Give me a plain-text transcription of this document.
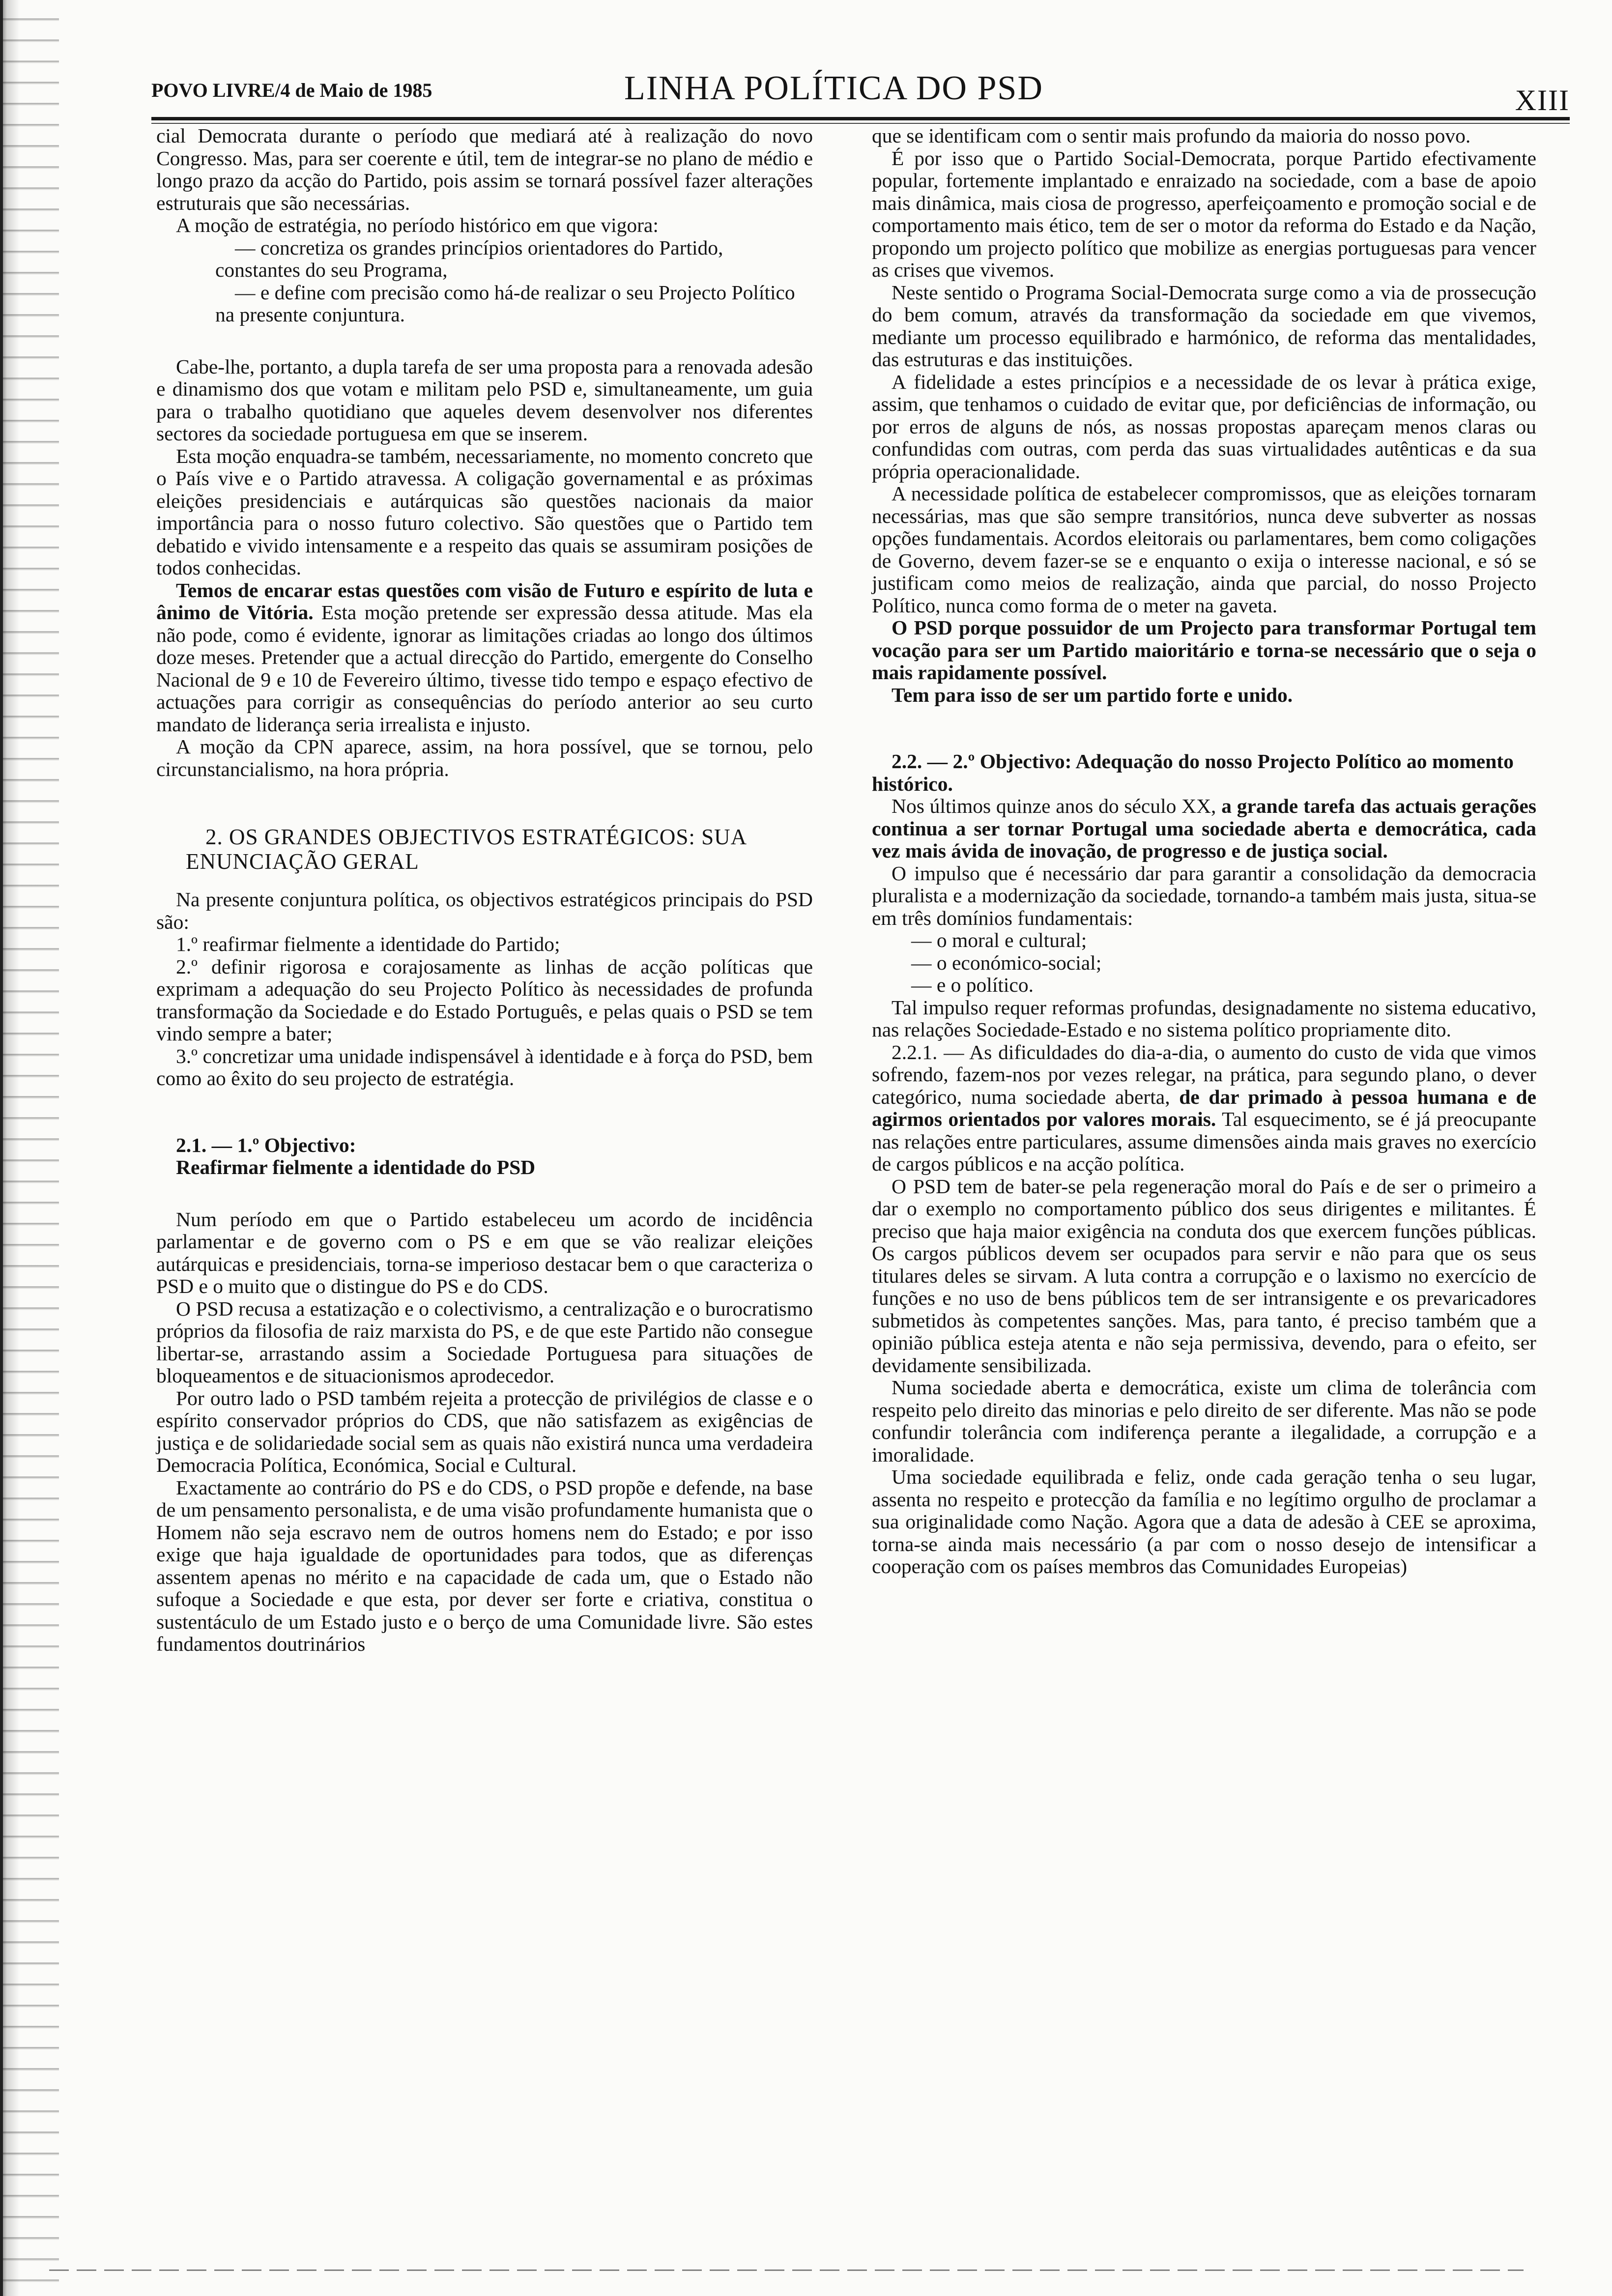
POVO LIVRE/4 de Maio de 1985	LINHA POLÍTICA DO PSD	XIII

cial Democrata durante o período que mediará até à realização do novo Congresso. Mas, para ser coerente e útil, tem de integrar-se no plano de médio e longo prazo da acção do Partido, pois assim se tornará possível fazer alterações estruturais que são necessárias.

A moção de estratégia, no período histórico em que vigora:

— concretiza os grandes princípios orientadores do Partido, constantes do seu Programa,

— e define com precisão como há-de realizar o seu Projecto Político na presente conjuntura.

Cabe-lhe, portanto, a dupla tarefa de ser uma proposta para a renovada adesão e dinamismo dos que votam e militam pelo PSD e, simultaneamente, um guia para o trabalho quotidiano que aqueles devem desenvolver nos diferentes sectores da sociedade portuguesa em que se inserem.

Esta moção enquadra-se também, necessariamente, no momento concreto que o País vive e o Partido atravessa. A coligação governamental e as próximas eleições presidenciais e autárquicas são questões nacionais da maior importância para o nosso futuro colectivo. São questões que o Partido tem debatido e vivido intensamente e a respeito das quais se assumiram posições de todos conhecidas.

Temos de encarar estas questões com visão de Futuro e espírito de luta e ânimo de Vitória. Esta moção pretende ser expressão dessa atitude. Mas ela não pode, como é evidente, ignorar as limitações criadas ao longo dos últimos doze meses. Pretender que a actual direcção do Partido, emergente do Conselho Nacional de 9 e 10 de Fevereiro último, tivesse tido tempo e espaço efectivo de actuações para corrigir as consequências do período anterior ao seu curto mandato de liderança seria irrealista e injusto.

A moção da CPN aparece, assim, na hora possível, que se tornou, pelo circunstancialismo, na hora própria.

2. OS GRANDES OBJECTIVOS ESTRATÉGICOS: SUA ENUNCIAÇÃO GERAL

Na presente conjuntura política, os objectivos estratégicos principais do PSD são:

1.º reafirmar fielmente a identidade do Partido;

2.º definir rigorosa e corajosamente as linhas de acção políticas que exprimam a adequação do seu Projecto Político às necessidades de profunda transformação da Sociedade e do Estado Português, e pelas quais o PSD se tem vindo sempre a bater;

3.º concretizar uma unidade indispensável à identidade e à força do PSD, bem como ao êxito do seu projecto de estratégia.

2.1. — 1.º Objectivo:

Reafirmar fielmente a identidade do PSD

Num período em que o Partido estabeleceu um acordo de incidência parlamentar e de governo com o PS e em que se vão realizar eleições autárquicas e presidenciais, torna-se imperioso destacar bem o que caracteriza o PSD e o muito que o distingue do PS e do CDS.

O PSD recusa a estatização e o colectivismo, a centralização e o burocratismo próprios da filosofia de raiz marxista do PS, e de que este Partido não consegue libertar-se, arrastando assim a Sociedade Portuguesa para situações de bloqueamentos e de situacionismos aprodecedor.

Por outro lado o PSD também rejeita a protecção de privilégios de classe e o espírito conservador próprios do CDS, que não satisfazem as exigências de justiça e de solidariedade social sem as quais não existirá nunca uma verdadeira Democracia Política, Económica, Social e Cultural.

Exactamente ao contrário do PS e do CDS, o PSD propõe e defende, na base de um pensamento personalista, e de uma visão profundamente humanista que o Homem não seja escravo nem de outros homens nem do Estado; e por isso exige que haja igualdade de oportunidades para todos, que as diferenças assentem apenas no mérito e na capacidade de cada um, que o Estado não sufoque a Sociedade e que esta, por dever ser forte e criativa, constitua o sustentáculo de um Estado justo e o berço de uma Comunidade livre. São estes fundamentos doutrinários

que se identificam com o sentir mais profundo da maioria do nosso povo.

É por isso que o Partido Social-Democrata, porque Partido efectivamente popular, fortemente implantado e enraizado na sociedade, com a base de apoio mais dinâmica, mais ciosa de progresso, aperfeiçoamento e promoção social e de comportamento mais ético, tem de ser o motor da reforma do Estado e da Nação, propondo um projecto político que mobilize as energias portuguesas para vencer as crises que vivemos.

Neste sentido o Programa Social-Democrata surge como a via de prossecução do bem comum, através da transformação da sociedade em que vivemos, mediante um processo equilibrado e harmónico, de reforma das mentalidades, das estruturas e das instituições.

A fidelidade a estes princípios e a necessidade de os levar à prática exige, assim, que tenhamos o cuidado de evitar que, por deficiências de informação, ou por erros de alguns de nós, as nossas propostas apareçam menos claras ou confundidas com outras, com perda das suas virtualidades autênticas e da sua própria operacionalidade.

A necessidade política de estabelecer compromissos, que as eleições tornaram necessárias, mas que são sempre transitórios, nunca deve subverter as nossas opções fundamentais. Acordos eleitorais ou parlamentares, bem como coligações de Governo, devem fazer-se se e enquanto o exija o interesse nacional, e só se justificam como meios de realização, ainda que parcial, do nosso Projecto Político, nunca como forma de o meter na gaveta.

O PSD porque possuidor de um Projecto para transformar Portugal tem vocação para ser um Partido maioritário e torna-se necessário que o seja o mais rapidamente possível.

Tem para isso de ser um partido forte e unido.

2.2. — 2.º Objectivo: Adequação do nosso Projecto Político ao momento histórico.

Nos últimos quinze anos do século XX, a grande tarefa das actuais gerações continua a ser tornar Portugal uma sociedade aberta e democrática, cada vez mais ávida de inovação, de progresso e de justiça social.

O impulso que é necessário dar para garantir a consolidação da democracia pluralista e a modernização da sociedade, tornando-a também mais justa, situa-se em três domínios fundamentais:

— o moral e cultural;

— o económico-social;

— e o político.

Tal impulso requer reformas profundas, designadamente no sistema educativo, nas relações Sociedade-Estado e no sistema político propriamente dito.

2.2.1. — As dificuldades do dia-a-dia, o aumento do custo de vida que vimos sofrendo, fazem-nos por vezes relegar, na prática, para segundo plano, o dever categórico, numa sociedade aberta, de dar primado à pessoa humana e de agirmos orientados por valores morais. Tal esquecimento, se é já preocupante nas relações entre particulares, assume dimensões ainda mais graves no exercício de cargos públicos e na acção política.

O PSD tem de bater-se pela regeneração moral do País e de ser o primeiro a dar o exemplo no comportamento público dos seus dirigentes e militantes. É preciso que haja maior exigência na conduta dos que exercem funções públicas. Os cargos públicos devem ser ocupados para servir e não para que os seus titulares deles se sirvam. A luta contra a corrupção e o laxismo no exercício de funções e no uso de bens públicos tem de ser intransigente e os prevaricadores submetidos às competentes sanções. Mas, para tanto, é preciso também que a opinião pública esteja atenta e não seja permissiva, devendo, para o efeito, ser devidamente sensibilizada.

Numa sociedade aberta e democrática, existe um clima de tolerância com respeito pelo direito das minorias e pelo direito de ser diferente. Mas não se pode confundir tolerância com indiferença perante a ilegalidade, a corrupção e a imoralidade.

Uma sociedade equilibrada e feliz, onde cada geração tenha o seu lugar, assenta no respeito e protecção da família e no legítimo orgulho de proclamar a sua originalidade como Nação. Agora que a data de adesão à CEE se aproxima, torna-se ainda mais necessário (a par com o nosso desejo de intensificar a cooperação com os países membros das Comunidades Europeias)
